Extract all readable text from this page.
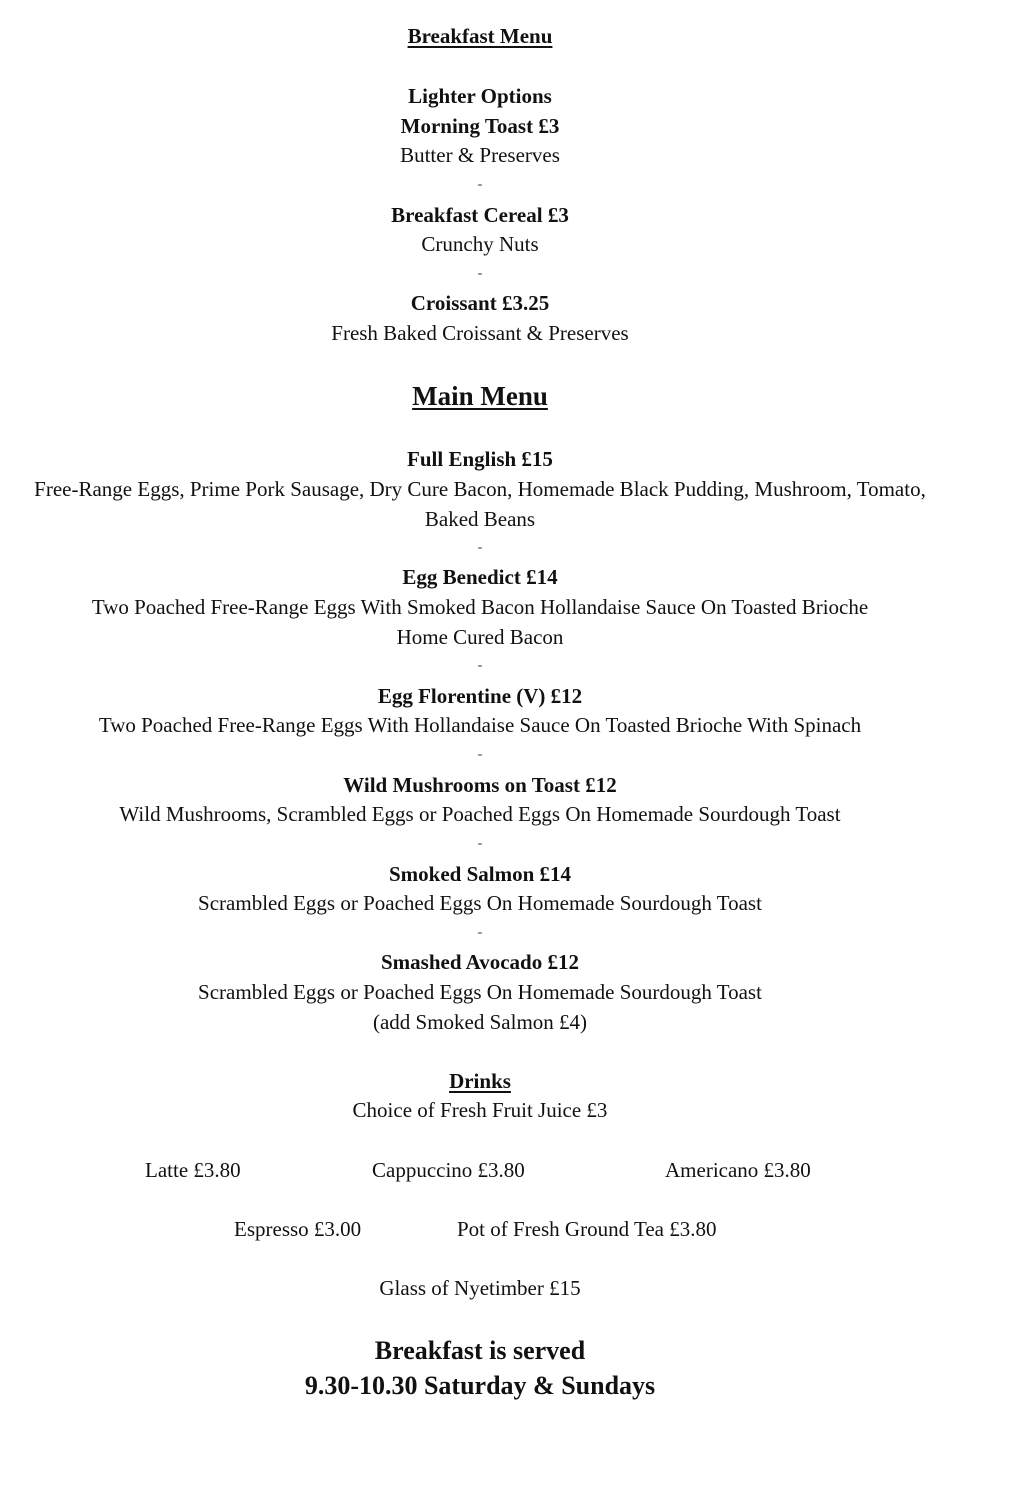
Breakfast Menu
Lighter Options
Morning Toast £3
Butter & Preserves
-
Breakfast Cereal £3
Crunchy Nuts
-
Croissant £3.25
Fresh Baked Croissant & Preserves
Main Menu
Full English £15
Free-Range Eggs, Prime Pork Sausage, Dry Cure Bacon, Homemade Black Pudding, Mushroom, Tomato,
Baked Beans
-
Egg Benedict £14
Two Poached Free-Range Eggs With Smoked Bacon Hollandaise Sauce On Toasted Brioche
Home Cured Bacon
-
Egg Florentine (V) £12
Two Poached Free-Range Eggs With Hollandaise Sauce On Toasted Brioche With Spinach
-
Wild Mushrooms on Toast £12
Wild Mushrooms, Scrambled Eggs or Poached Eggs On Homemade Sourdough Toast
-
Smoked Salmon £14
Scrambled Eggs or Poached Eggs On Homemade Sourdough Toast
-
Smashed Avocado £12
Scrambled Eggs or Poached Eggs On Homemade Sourdough Toast
(add Smoked Salmon £4)
Drinks
Choice of Fresh Fruit Juice £3
Latte £3.80	Cappuccino £3.80	Americano £3.80
Espresso £3.00	Pot of Fresh Ground Tea £3.80
Glass of Nyetimber £15
Breakfast is served
9.30-10.30 Saturday & Sundays
